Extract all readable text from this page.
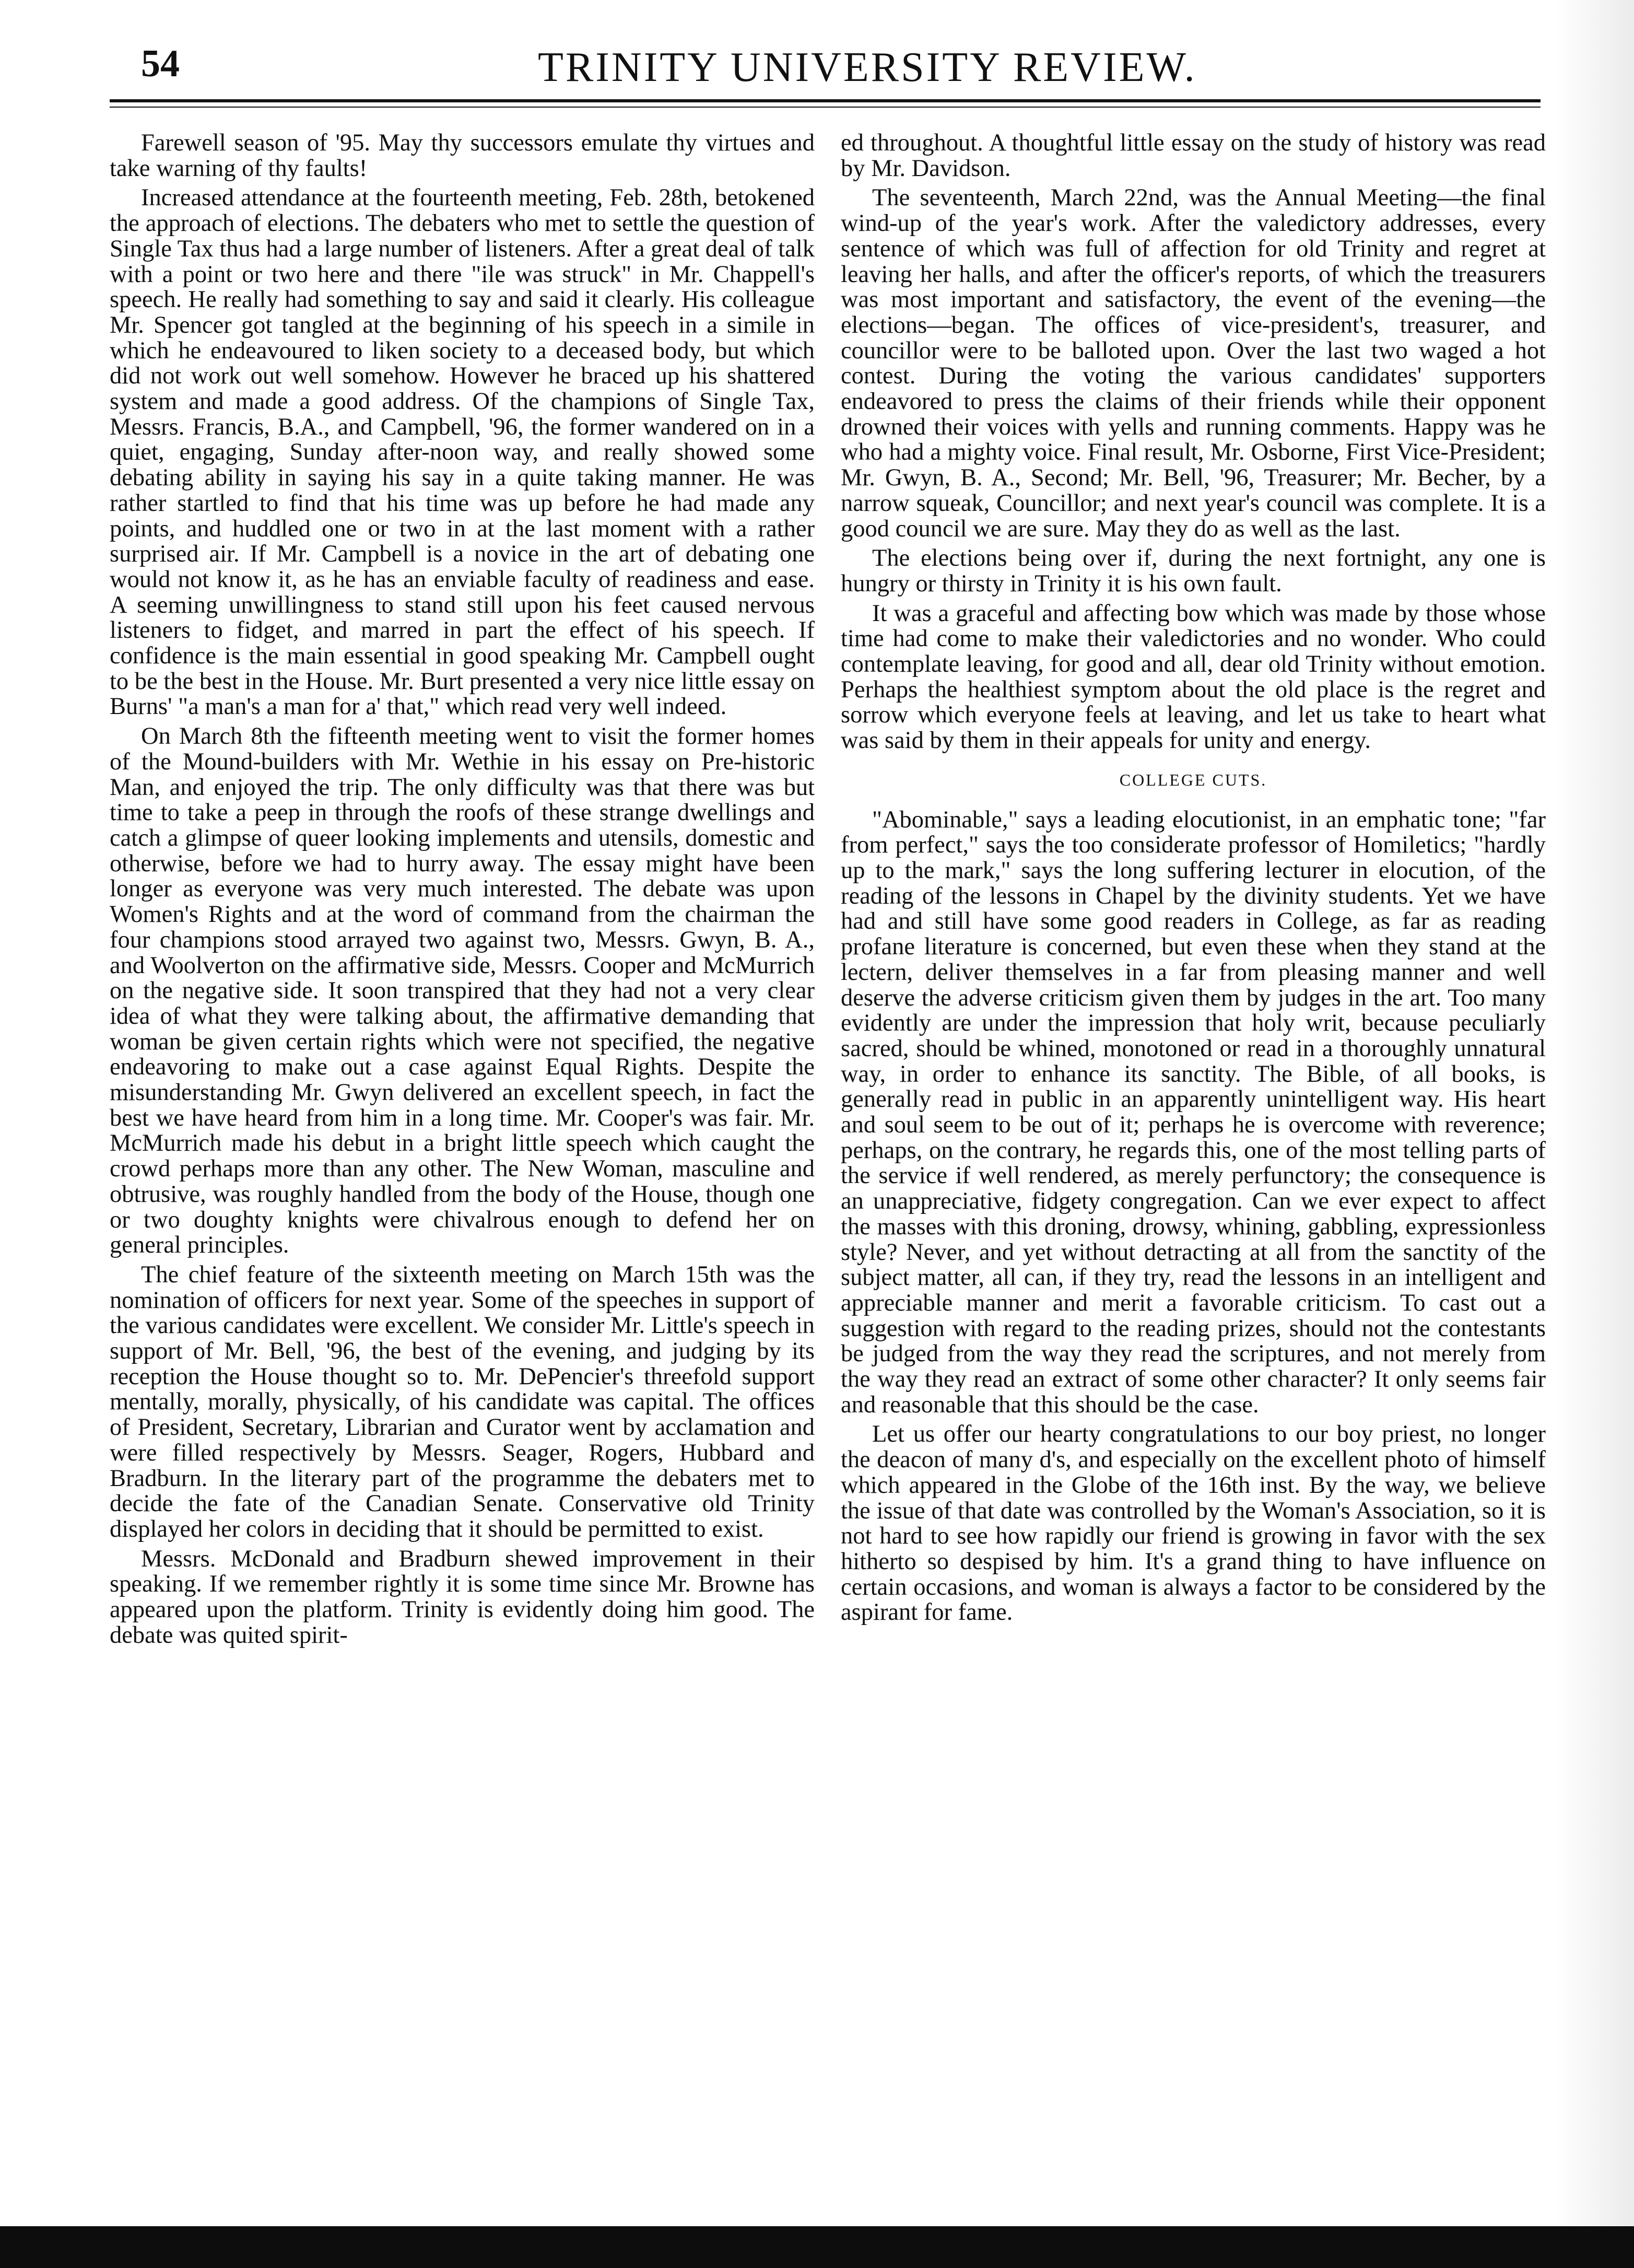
54	TRINITY UNIVERSITY REVIEW.

Farewell season of '95. May thy successors emulate thy virtues and take warning of thy faults!

Increased attendance at the fourteenth meeting, Feb. 28th, betokened the approach of elections. The debaters who met to settle the question of Single Tax thus had a large number of listeners. After a great deal of talk with a point or two here and there "ile was struck" in Mr. Chappell's speech. He really had something to say and said it clearly. His colleague Mr. Spencer got tangled at the beginning of his speech in a simile in which he endeavoured to liken society to a deceased body, but which did not work out well somehow. However he braced up his shattered system and made a good address. Of the champions of Single Tax, Messrs. Francis, B.A., and Campbell, '96, the former wandered on in a quiet, engaging, Sunday after-noon way, and really showed some debating ability in saying his say in a quite taking manner. He was rather startled to find that his time was up before he had made any points, and huddled one or two in at the last moment with a rather surprised air. If Mr. Campbell is a novice in the art of debating one would not know it, as he has an enviable faculty of readiness and ease. A seeming unwillingness to stand still upon his feet caused nervous listeners to fidget, and marred in part the effect of his speech. If confidence is the main essential in good speaking Mr. Campbell ought to be the best in the House. Mr. Burt presented a very nice little essay on Burns' "a man's a man for a' that," which read very well indeed.

On March 8th the fifteenth meeting went to visit the former homes of the Mound-builders with Mr. Wethie in his essay on Pre-historic Man, and enjoyed the trip. The only difficulty was that there was but time to take a peep in through the roofs of these strange dwellings and catch a glimpse of queer looking implements and utensils, domestic and otherwise, before we had to hurry away. The essay might have been longer as everyone was very much interested. The debate was upon Women's Rights and at the word of command from the chairman the four champions stood arrayed two against two, Messrs. Gwyn, B. A., and Woolverton on the affirmative side, Messrs. Cooper and McMurrich on the negative side. It soon transpired that they had not a very clear idea of what they were talking about, the affirmative demanding that woman be given certain rights which were not specified, the negative endeavoring to make out a case against Equal Rights. Despite the misunderstanding Mr. Gwyn delivered an excellent speech, in fact the best we have heard from him in a long time. Mr. Cooper's was fair. Mr. McMurrich made his debut in a bright little speech which caught the crowd perhaps more than any other. The New Woman, masculine and obtrusive, was roughly handled from the body of the House, though one or two doughty knights were chivalrous enough to defend her on general principles.

The chief feature of the sixteenth meeting on March 15th was the nomination of officers for next year. Some of the speeches in support of the various candidates were excellent. We consider Mr. Little's speech in support of Mr. Bell, '96, the best of the evening, and judging by its reception the House thought so to. Mr. DePencier's threefold support mentally, morally, physically, of his candidate was capital. The offices of President, Secretary, Librarian and Curator went by acclamation and were filled respectively by Messrs. Seager, Rogers, Hubbard and Bradburn. In the literary part of the programme the debaters met to decide the fate of the Canadian Senate. Conservative old Trinity displayed her colors in deciding that it should be permitted to exist.

Messrs. McDonald and Bradburn shewed improvement in their speaking. If we remember rightly it is some time since Mr. Browne has appeared upon the platform. Trinity is evidently doing him good. The debate was quited spirit-

ed throughout. A thoughtful little essay on the study of history was read by Mr. Davidson.

The seventeenth, March 22nd, was the Annual Meeting—the final wind-up of the year's work. After the valedictory addresses, every sentence of which was full of affection for old Trinity and regret at leaving her halls, and after the officer's reports, of which the treasurers was most important and satisfactory, the event of the evening—the elections—began. The offices of vice-president's, treasurer, and councillor were to be balloted upon. Over the last two waged a hot contest. During the voting the various candidates' supporters endeavored to press the claims of their friends while their opponent drowned their voices with yells and running comments. Happy was he who had a mighty voice. Final result, Mr. Osborne, First Vice-President; Mr. Gwyn, B. A., Second; Mr. Bell, '96, Treasurer; Mr. Becher, by a narrow squeak, Councillor; and next year's council was complete. It is a good council we are sure. May they do as well as the last.

The elections being over if, during the next fortnight, any one is hungry or thirsty in Trinity it is his own fault.

It was a graceful and affecting bow which was made by those whose time had come to make their valedictories and no wonder. Who could contemplate leaving, for good and all, dear old Trinity without emotion. Perhaps the healthiest symptom about the old place is the regret and sorrow which everyone feels at leaving, and let us take to heart what was said by them in their appeals for unity and energy.

COLLEGE CUTS.

"Abominable," says a leading elocutionist, in an emphatic tone; "far from perfect," says the too considerate professor of Homiletics; "hardly up to the mark," says the long suffering lecturer in elocution, of the reading of the lessons in Chapel by the divinity students. Yet we have had and still have some good readers in College, as far as reading profane literature is concerned, but even these when they stand at the lectern, deliver themselves in a far from pleasing manner and well deserve the adverse criticism given them by judges in the art. Too many evidently are under the impression that holy writ, because peculiarly sacred, should be whined, monotoned or read in a thoroughly unnatural way, in order to enhance its sanctity. The Bible, of all books, is generally read in public in an apparently unintelligent way. His heart and soul seem to be out of it; perhaps he is overcome with reverence; perhaps, on the contrary, he regards this, one of the most telling parts of the service if well rendered, as merely perfunctory; the consequence is an unappreciative, fidgety congregation. Can we ever expect to affect the masses with this droning, drowsy, whining, gabbling, expressionless style? Never, and yet without detracting at all from the sanctity of the subject matter, all can, if they try, read the lessons in an intelligent and appreciable manner and merit a favorable criticism. To cast out a suggestion with regard to the reading prizes, should not the contestants be judged from the way they read the scriptures, and not merely from the way they read an extract of some other character? It only seems fair and reasonable that this should be the case.

Let us offer our hearty congratulations to our boy priest, no longer the deacon of many d's, and especially on the excellent photo of himself which appeared in the Globe of the 16th inst. By the way, we believe the issue of that date was controlled by the Woman's Association, so it is not hard to see how rapidly our friend is growing in favor with the sex hitherto so despised by him. It's a grand thing to have influence on certain occasions, and woman is always a factor to be considered by the aspirant for fame.
